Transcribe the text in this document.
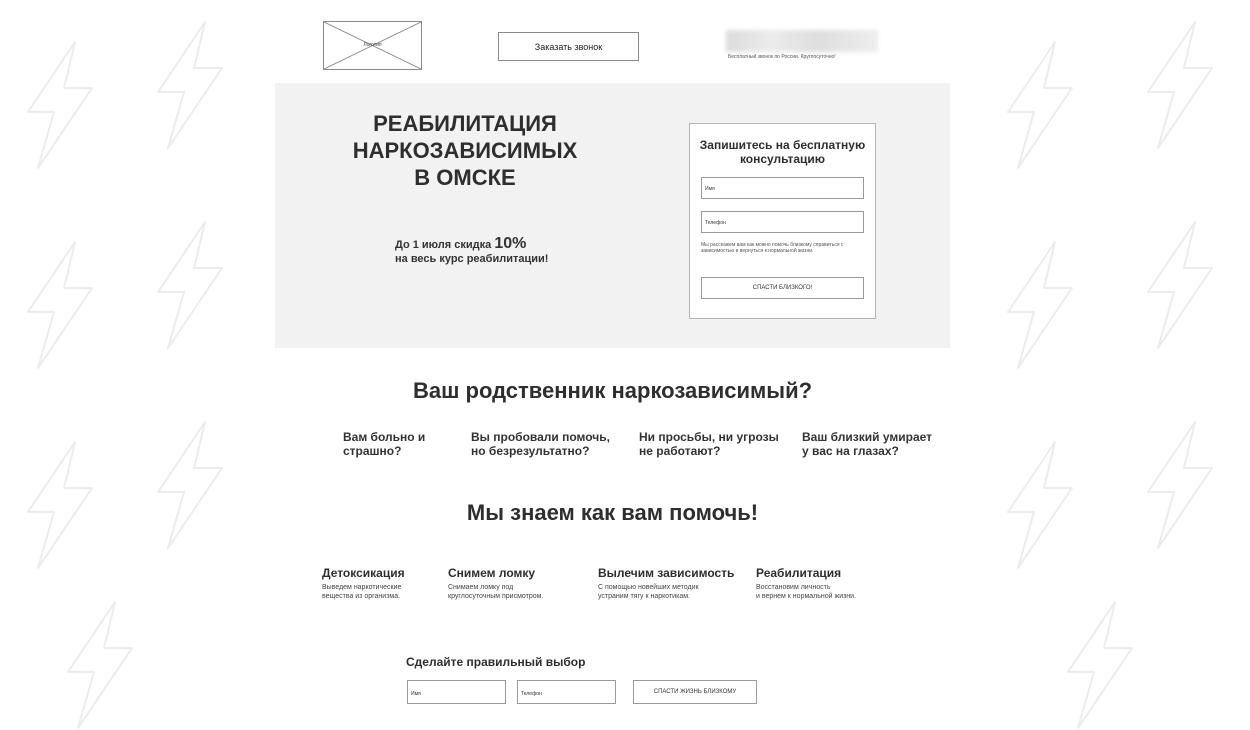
Логотип	Заказать звонок
Бесплатный звонок по России. Круглосуточно!
РЕАБИЛИТАЦИЯ
НАРКОЗАВИСИМЫХ
В ОМСКЕ
До 1 июля скидка 10%
на весь курс реабилитации!
Запишитесь на бесплатную
консультацию
Имя
Телефон
Мы расскажем вам как можно помочь близкому справиться с зависимостью и вернуться к нормальной жизни.
СПАСТИ БЛИЗКОГО!
Ваш родственник наркозависимый?
Вам больно и
страшно?
Вы пробовали помочь,
но безрезультатно?
Ни просьбы, ни угрозы
не работают?
Ваш близкий умирает
у вас на глазах?
Мы знаем как вам помочь!
Детоксикация
Выведем наркотические
вещества из организма.
Снимем ломку
Снимаем ломку под
круглосуточным присмотром.
Вылечим зависимость
С помощью новейших методик
устраним тягу к наркотикам.
Реабилитация
Восстановим личность
и вернем к нормальной жизни.
Сделайте правильный выбор
Имя	Телефон	СПАСТИ ЖИЗНЬ БЛИЗКОМУ
